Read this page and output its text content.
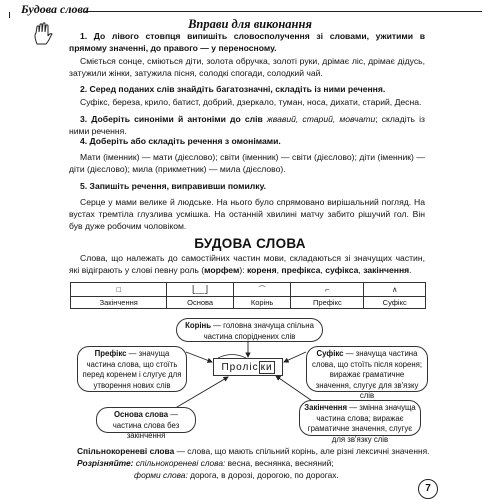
Будова слова
Вправи для виконання
1. До лівого стовпця випишіть словосполучення зі словами, ужитими в прямому значенні, до правого — у переносному.
Сміється сонце, сміються діти, золота обручка, золоті руки, дрімає ліс, дрімає дідусь, затужили жінки, затужила пісня, солодкі спогади, солодкий чай.
2. Серед поданих слів знайдіть багатозначні, складіть із ними речення.
Суфікс, береза, крило, батист, добрий, дзеркало, туман, носа, дихати, старий, Десна.
3. Доберіть синоніми й антоніми до слів жвавий, старий, мовчати; складіть із ними речення.
4. Доберіть або складіть речення з омонімами.
Мати (іменник) — мати (дієслово); світи (іменник) — світи (дієслово); діти (іменник) — діти (дієслово); мила (прикметник) — мила (дієслово).
5. Запишіть речення, виправивши помилку.
Серце у мами велике й людське. На нього було спрямовано вирішальний погляд. На вустах тремтіла глузлива усмішка. На останній хвилині матчу забито рішучий гол. Він був дуже робочим чоловіком.
БУДОВА СЛОВА
Слова, що належать до самостійних частин мови, складаються зі значущих частин, які відіграють у слові певну роль (морфем): кореня, префікса, суфікса, закінчення.
□	⎣__⎦	⌒	⌐	∧
Закінчення	Основа	Корінь	Префікс	Суфікс
Корінь — головна значуща спільна частина споріднених слів
Префікс — значуща частина слова, що стоїть перед коренем і слугує для утворення нових слів
Суфікс — значуща частина слова, що стоїть після кореня; виражає граматичне значення, слугує для зв'язку слів
Основа слова — частина слова без закінчення
Закінчення — змінна значуща частина слова; виражає граматичне значення, слугує для зв'язку слів
Проліс ки
Спільнокореневі слова — слова, що мають спільний корінь, але різні лексичні значення.
Розрізняйте: спільнокореневі слова: весна, веснянка, весняний;
форми слова: дорога, в дорозі, дорогою, по дорогах.
7
